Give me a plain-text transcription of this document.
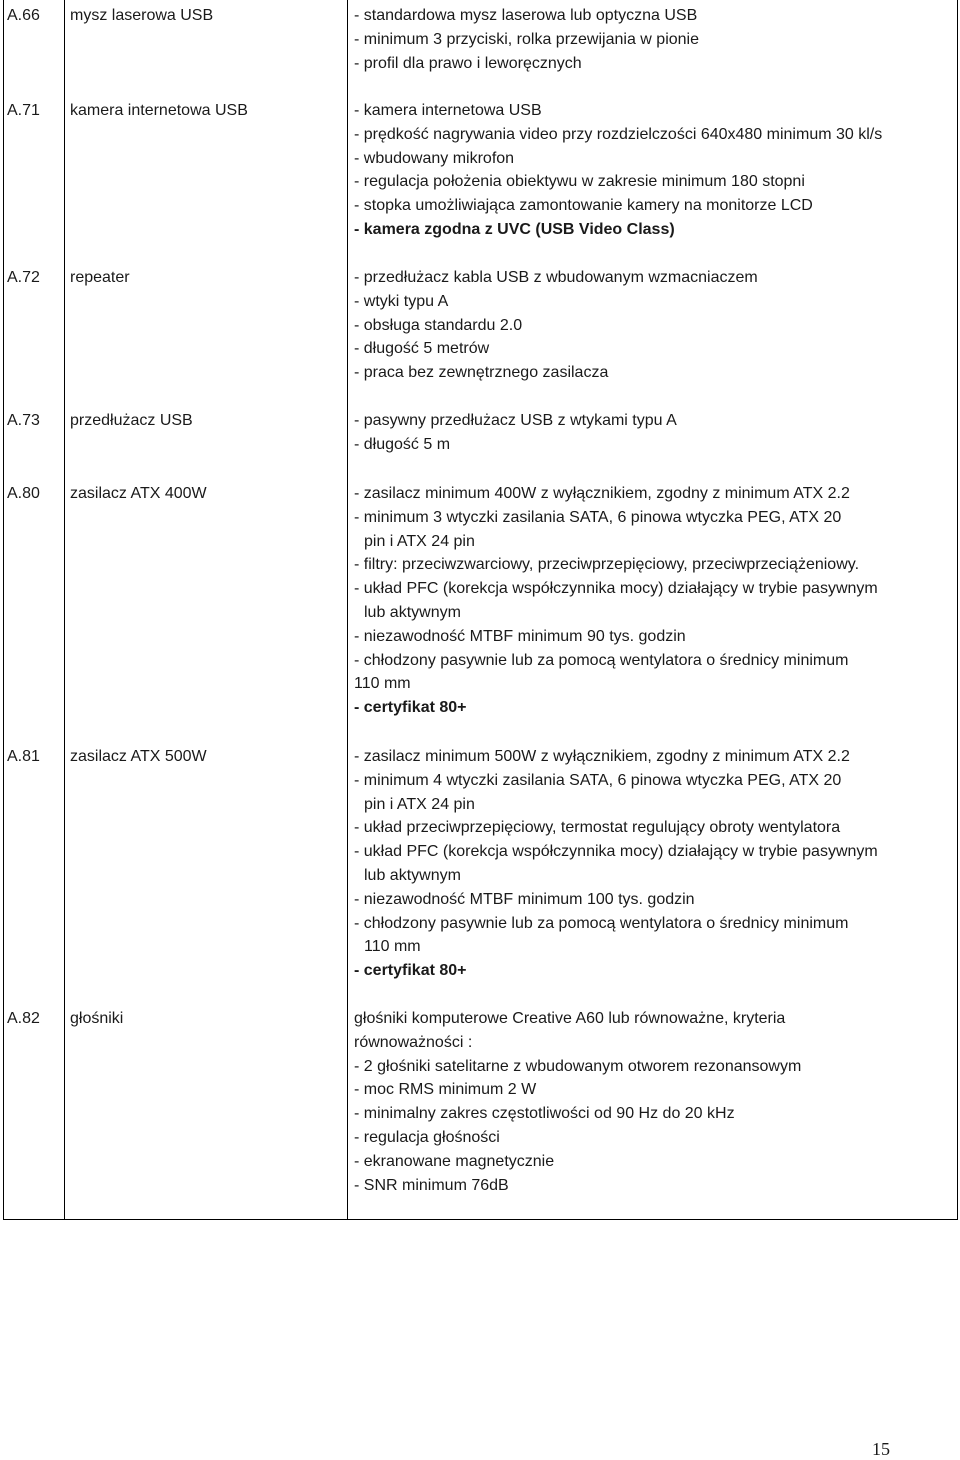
A.66 mysz laserowa USB	- standardowa mysz laserowa lub optyczna USB
- minimum 3 przyciski, rolka przewijania w pionie
- profil dla prawo i leworęcznych
A.71 kamera internetowa USB	- kamera internetowa USB
- prędkość nagrywania video przy rozdzielczości 640x480 minimum 30 kl/s
- wbudowany mikrofon
- regulacja położenia obiektywu w zakresie minimum 180 stopni
- stopka umożliwiająca zamontowanie kamery na monitorze LCD
- kamera zgodna z UVC (USB Video Class)
A.72 repeater	- przedłużacz kabla USB z wbudowanym wzmacniaczem
- wtyki typu A
- obsługa standardu 2.0
- długość 5 metrów
- praca bez zewnętrznego zasilacza
A.73 przedłużacz USB	- pasywny przedłużacz USB z wtykami typu A
- długość 5 m
A.80 zasilacz ATX 400W	- zasilacz minimum 400W z wyłącznikiem, zgodny z minimum ATX 2.2
- minimum 3 wtyczki zasilania SATA, 6 pinowa wtyczka PEG, ATX 20
pin i ATX 24 pin
- filtry: przeciwzwarciowy, przeciwprzepięciowy, przeciwprzeciążeniowy.
- układ PFC (korekcja współczynnika mocy) działający w trybie pasywnym
lub aktywnym
- niezawodność MTBF minimum 90 tys. godzin
- chłodzony pasywnie lub za pomocą wentylatora o średnicy minimum
110 mm
- certyfikat 80+
A.81 zasilacz ATX 500W	- zasilacz minimum 500W z wyłącznikiem, zgodny z minimum ATX 2.2
- minimum 4 wtyczki zasilania SATA, 6 pinowa wtyczka PEG, ATX 20
pin i ATX 24 pin
- układ przeciwprzepięciowy, termostat regulujący obroty wentylatora
- układ PFC (korekcja współczynnika mocy) działający w trybie pasywnym
lub aktywnym
- niezawodność MTBF minimum 100 tys. godzin
- chłodzony pasywnie lub za pomocą wentylatora o średnicy minimum
110 mm
- certyfikat 80+
A.82 głośniki	głośniki komputerowe Creative A60 lub równoważne, kryteria
równoważności :
- 2 głośniki satelitarne z wbudowanym otworem rezonansowym
- moc RMS minimum 2 W
- minimalny zakres częstotliwości od 90 Hz do 20 kHz
- regulacja głośności
- ekranowane magnetycznie
- SNR minimum 76dB
15
